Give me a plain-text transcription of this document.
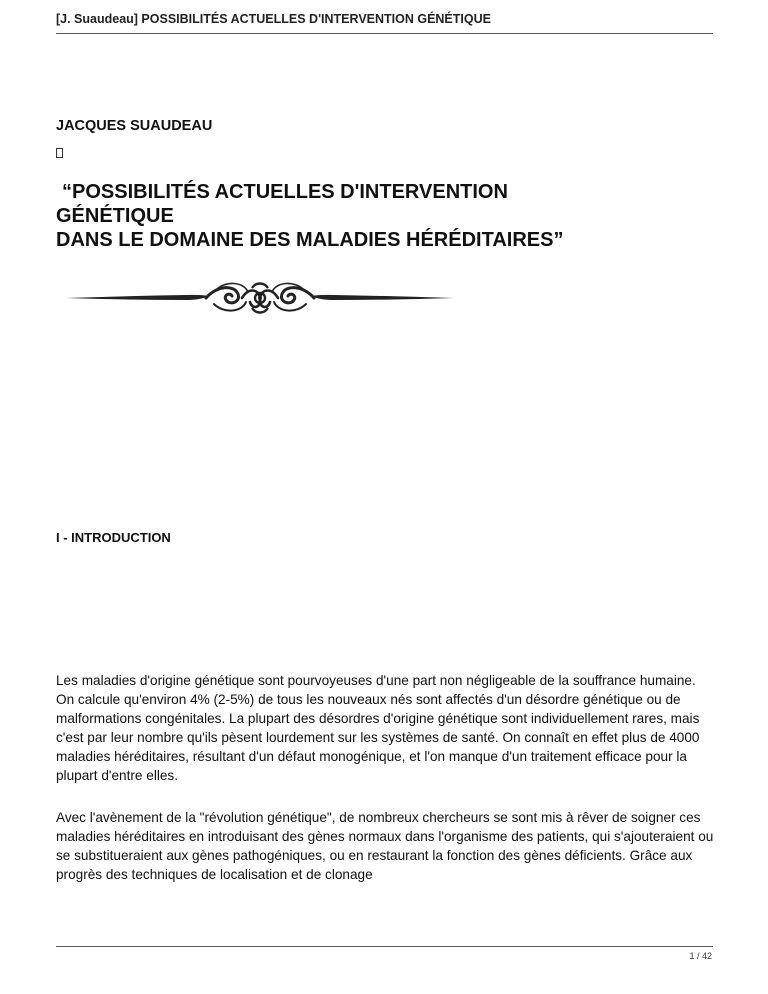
[J. Suaudeau] POSSIBILITÉS ACTUELLES D'INTERVENTION GÉNÉTIQUE
JACQUES SUAUDEAU
“POSSIBILITÉS ACTUELLES D'INTERVENTION
GÉNÉTIQUE
DANS LE DOMAINE DES MALADIES HÉRÉDITAIRES”
I - INTRODUCTION

Les maladies d'origine génétique sont pourvoyeuses d'une part non négligeable de la souffrance humaine. On calcule qu'environ 4% (2-5%) de tous les nouveaux nés sont affectés d'un désordre génétique ou de malformations congénitales. La plupart des désordres d'origine génétique sont individuellement rares, mais c'est par leur nombre qu'ils pèsent lourdement sur les systèmes de santé. On connaît en effet plus de 4000 maladies héréditaires, résultant d'un défaut monogénique, et l'on manque d'un traitement efficace pour la plupart d'entre elles.

Avec l'avènement de la "révolution génétique", de nombreux chercheurs se sont mis à rêver de soigner ces maladies héréditaires en introduisant des gènes normaux dans l'organisme des patients, qui s'ajouteraient ou se substitueraient aux gènes pathogéniques, ou en restaurant la fonction des gènes déficients. Grâce aux progrès des techniques de localisation et de clonage

1 / 42
